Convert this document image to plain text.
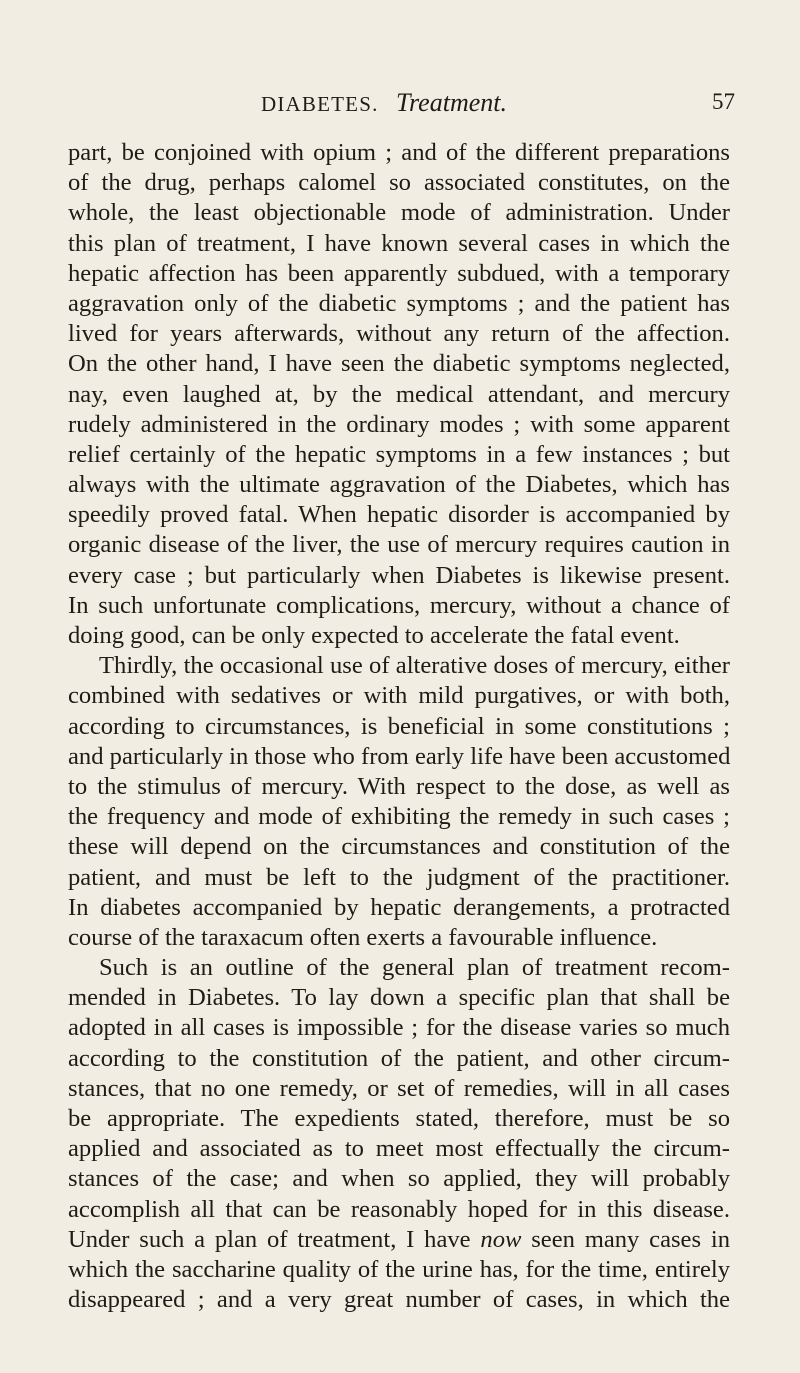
DIABETES. Treatment.	57
part, be conjoined with opium ; and of the different preparations
of the drug, perhaps calomel so associated constitutes, on the
whole, the least objectionable mode of administration. Under
this plan of treatment, I have known several cases in which the
hepatic affection has been apparently subdued, with a temporary
aggravation only of the diabetic symptoms ; and the patient has
lived for years afterwards, without any return of the affection.
On the other hand, I have seen the diabetic symptoms neglected,
nay, even laughed at, by the medical attendant, and mercury
rudely administered in the ordinary modes ; with some apparent
relief certainly of the hepatic symptoms in a few instances ; but
always with the ultimate aggravation of the Diabetes, which has
speedily proved fatal. When hepatic disorder is accompanied by
organic disease of the liver, the use of mercury requires caution in
every case ; but particularly when Diabetes is likewise present.
In such unfortunate complications, mercury, without a chance of
doing good, can be only expected to accelerate the fatal event.
Thirdly, the occasional use of alterative doses of mercury, either
combined with sedatives or with mild purgatives, or with both,
according to circumstances, is beneficial in some constitutions ;
and particularly in those who from early life have been accustomed
to the stimulus of mercury. With respect to the dose, as well as
the frequency and mode of exhibiting the remedy in such cases ;
these will depend on the circumstances and constitution of the
patient, and must be left to the judgment of the practitioner.
In diabetes accompanied by hepatic derangements, a protracted
course of the taraxacum often exerts a favourable influence.
Such is an outline of the general plan of treatment recom-
mended in Diabetes. To lay down a specific plan that shall be
adopted in all cases is impossible ; for the disease varies so much
according to the constitution of the patient, and other circum-
stances, that no one remedy, or set of remedies, will in all cases
be appropriate. The expedients stated, therefore, must be so
applied and associated as to meet most effectually the circum-
stances of the case; and when so applied, they will probably
accomplish all that can be reasonably hoped for in this disease.
Under such a plan of treatment, I have now seen many cases in
which the saccharine quality of the urine has, for the time, entirely
disappeared ; and a very great number of cases, in which the
